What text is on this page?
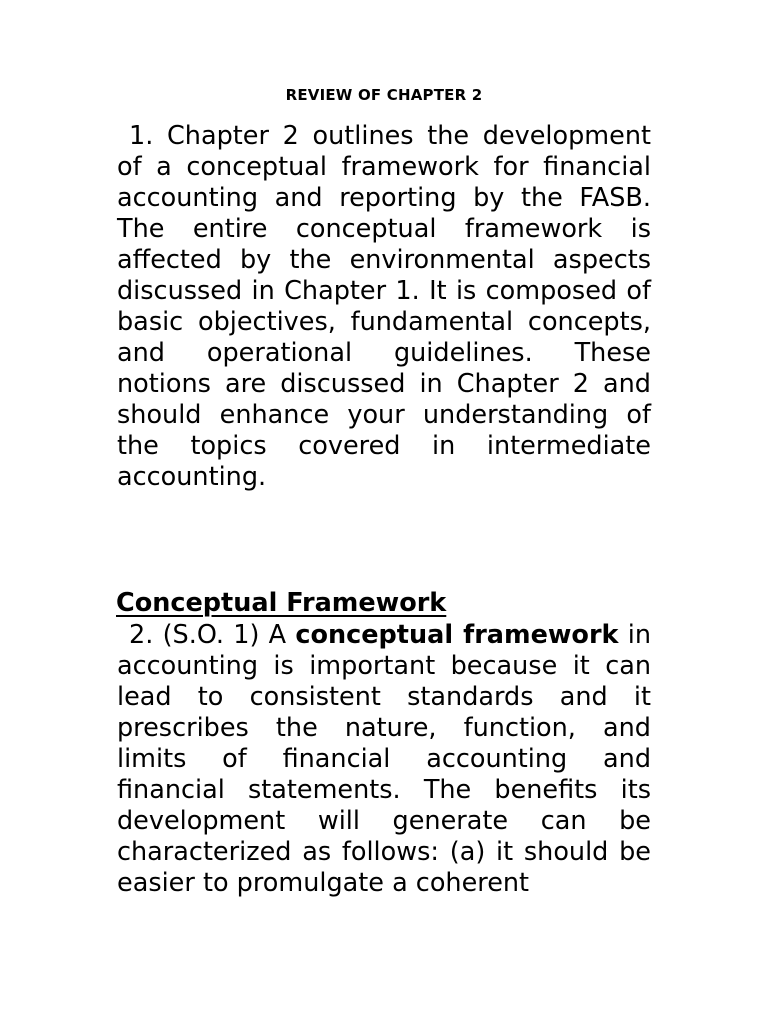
REVIEW OF CHAPTER 2

1. Chapter 2 outlines the development of a conceptual framework for financial accounting and reporting by the FASB. The entire conceptual framework is affected by the environmental aspects discussed in Chapter 1. It is composed of basic objectives, fundamental concepts, and operational guidelines. These notions are discussed in Chapter 2 and should enhance your understanding of the topics covered in intermediate accounting.

Conceptual Framework

2. (S.O. 1) A conceptual framework in accounting is important because it can lead to consistent standards and it prescribes the nature, function, and limits of financial accounting and financial statements. The benefits its development will generate can be characterized as follows: (a) it should be easier to promulgate a coherent
